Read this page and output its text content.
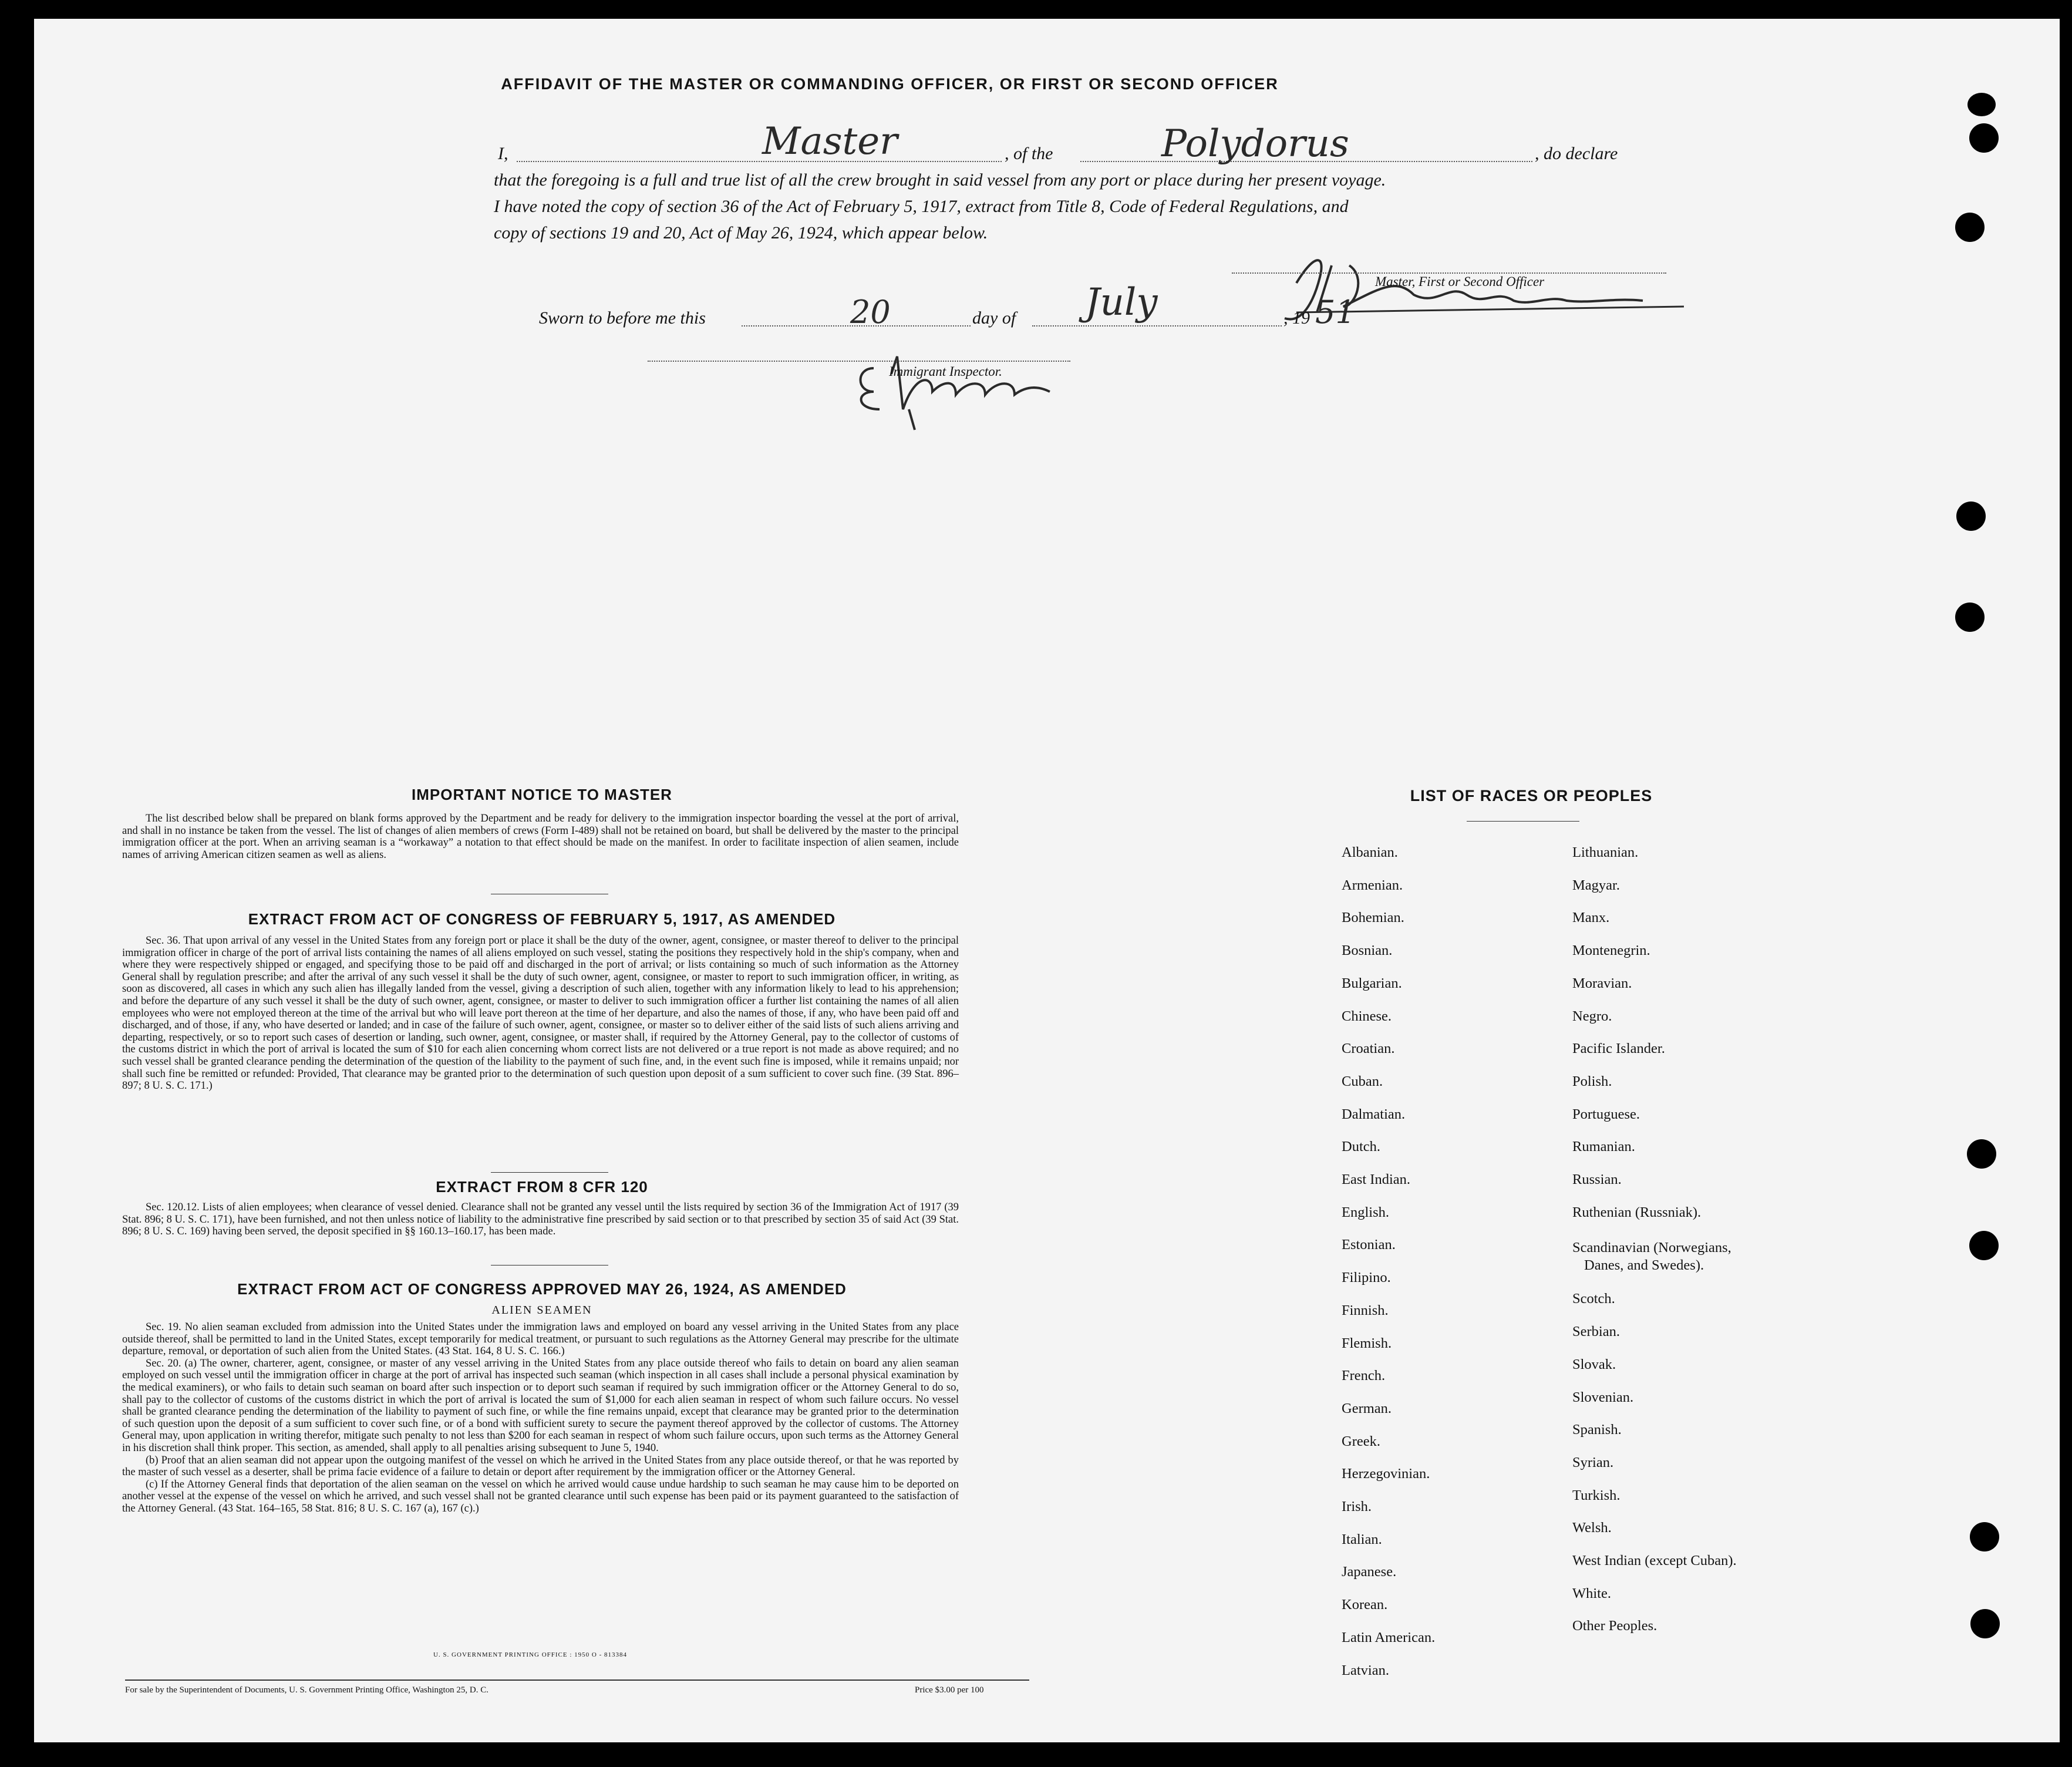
AFFIDAVIT OF THE MASTER OR COMMANDING OFFICER, OR FIRST OR SECOND OFFICER
I,	Master	, of the	Polydorus	, do declare
that the foregoing is a full and true list of all the crew brought in said vessel from any port or place during her present voyage.
I have noted the copy of section 36 of the Act of February 5, 1917, extract from Title 8, Code of Federal Regulations, and
copy of sections 19 and 20, Act of May 26, 1924, which appear below.
Master, First or Second Officer
Sworn to before me this	20	day of July	, 19 51
Immigrant Inspector.
IMPORTANT NOTICE TO MASTER

The list described below shall be prepared on blank forms approved by the Department and be ready for delivery to the immigration inspector boarding the vessel at the port of arrival, and shall in no instance be taken from the vessel. The list of changes of alien members of crews (Form I-489) shall not be retained on board, but shall be delivered by the master to the principal immigration officer at the port. When an arriving seaman is a “workaway” a notation to that effect should be made on the manifest. In order to facilitate inspection of alien seamen, include names of arriving American citizen seamen as well as aliens.

EXTRACT FROM ACT OF CONGRESS OF FEBRUARY 5, 1917, AS AMENDED

Sec. 36. That upon arrival of any vessel in the United States from any foreign port or place it shall be the duty of the owner, agent, consignee, or master thereof to deliver to the principal immigration officer in charge of the port of arrival lists containing the names of all aliens employed on such vessel, stating the positions they respectively hold in the ship's company, when and where they were respectively shipped or engaged, and specifying those to be paid off and discharged in the port of arrival; or lists containing so much of such information as the Attorney General shall by regulation prescribe; and after the arrival of any such vessel it shall be the duty of such owner, agent, consignee, or master to report to such immigration officer, in writing, as soon as discovered, all cases in which any such alien has illegally landed from the vessel, giving a description of such alien, together with any information likely to lead to his apprehension; and before the departure of any such vessel it shall be the duty of such owner, agent, consignee, or master to deliver to such immigration officer a further list containing the names of all alien employees who were not employed thereon at the time of the arrival but who will leave port thereon at the time of her departure, and also the names of those, if any, who have been paid off and discharged, and of those, if any, who have deserted or landed; and in case of the failure of such owner, agent, consignee, or master so to deliver either of the said lists of such aliens arriving and departing, respectively, or so to report such cases of desertion or landing, such owner, agent, consignee, or master shall, if required by the Attorney General, pay to the collector of customs of the customs district in which the port of arrival is located the sum of $10 for each alien concerning whom correct lists are not delivered or a true report is not made as above required; and no such vessel shall be granted clearance pending the determination of the question of the liability to the payment of such fine, and, in the event such fine is imposed, while it remains unpaid; nor shall such fine be remitted or refunded: Provided, That clearance may be granted prior to the determination of such question upon deposit of a sum sufficient to cover such fine. (39 Stat. 896–897; 8 U. S. C. 171.)

EXTRACT FROM 8 CFR 120

Sec. 120.12. Lists of alien employees; when clearance of vessel denied. Clearance shall not be granted any vessel until the lists required by section 36 of the Immigration Act of 1917 (39 Stat. 896; 8 U. S. C. 171), have been furnished, and not then unless notice of liability to the administrative fine prescribed by said section or to that prescribed by section 35 of said Act (39 Stat. 896; 8 U. S. C. 169) having been served, the deposit specified in §§ 160.13–160.17, has been made.

EXTRACT FROM ACT OF CONGRESS APPROVED MAY 26, 1924, AS AMENDED
ALIEN SEAMEN

Sec. 19. No alien seaman excluded from admission into the United States under the immigration laws and employed on board any vessel arriving in the United States from any place outside thereof, shall be permitted to land in the United States, except temporarily for medical treatment, or pursuant to such regulations as the Attorney General may prescribe for the ultimate departure, removal, or deportation of such alien from the United States. (43 Stat. 164, 8 U. S. C. 166.)

Sec. 20. (a) The owner, charterer, agent, consignee, or master of any vessel arriving in the United States from any place outside thereof who fails to detain on board any alien seaman employed on such vessel until the immigration officer in charge at the port of arrival has inspected such seaman (which inspection in all cases shall include a personal physical examination by the medical examiners), or who fails to detain such seaman on board after such inspection or to deport such seaman if required by such immigration officer or the Attorney General to do so, shall pay to the collector of customs of the customs district in which the port of arrival is located the sum of $1,000 for each alien seaman in respect of whom such failure occurs. No vessel shall be granted clearance pending the determination of the liability to payment of such fine, or while the fine remains unpaid, except that clearance may be granted prior to the determination of such question upon the deposit of a sum sufficient to cover such fine, or of a bond with sufficient surety to secure the payment thereof approved by the collector of customs. The Attorney General may, upon application in writing therefor, mitigate such penalty to not less than $200 for each seaman in respect of whom such failure occurs, upon such terms as the Attorney General in his discretion shall think proper. This section, as amended, shall apply to all penalties arising subsequent to June 5, 1940.

(b) Proof that an alien seaman did not appear upon the outgoing manifest of the vessel on which he arrived in the United States from any place outside thereof, or that he was reported by the master of such vessel as a deserter, shall be prima facie evidence of a failure to detain or deport after requirement by the immigration officer or the Attorney General.

(c) If the Attorney General finds that deportation of the alien seaman on the vessel on which he arrived would cause undue hardship to such seaman he may cause him to be deported on another vessel at the expense of the vessel on which he arrived, and such vessel shall not be granted clearance until such expense has been paid or its payment guaranteed to the satisfaction of the Attorney General. (43 Stat. 164–165, 58 Stat. 816; 8 U. S. C. 167 (a), 167 (c).)

U. S. GOVERNMENT PRINTING OFFICE : 1950 O - 813384
For sale by the Superintendent of Documents, U. S. Government Printing Office, Washington 25, D. C.	Price $3.00 per 100
LIST OF RACES OR PEOPLES
Albanian.
Armenian.
Bohemian.
Bosnian.
Bulgarian.
Chinese.
Croatian.
Cuban.
Dalmatian.
Dutch.
East Indian.
English.
Estonian.
Filipino.
Finnish.
Flemish.
French.
German.
Greek.
Herzegovinian.
Irish.
Italian.
Japanese.
Korean.
Latin American.
Latvian.
Lithuanian.
Magyar.
Manx.
Montenegrin.
Moravian.
Negro.
Pacific Islander.
Polish.
Portuguese.
Rumanian.
Russian.
Ruthenian (Russniak).
Scandinavian (Norwegians,
Danes, and Swedes).
Scotch.
Serbian.
Slovak.
Slovenian.
Spanish.
Syrian.
Turkish.
Welsh.
West Indian (except Cuban).
White.
Other Peoples.
